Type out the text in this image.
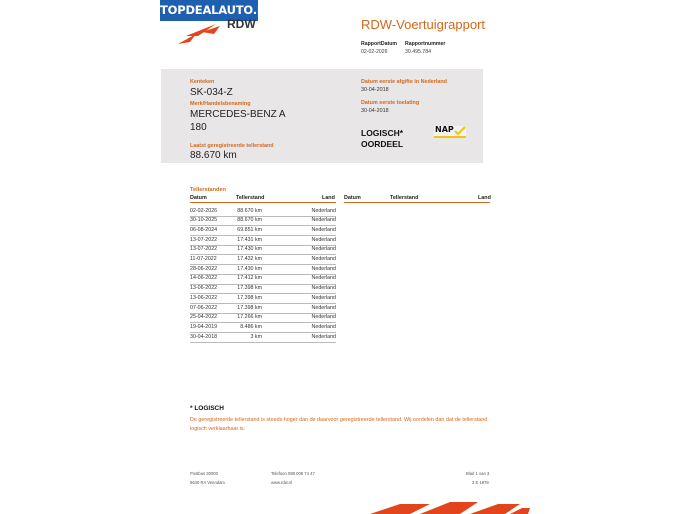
TOPDEALAUTO.NL
RDW	RDW-Voertuigrapport
RapportDatum
02-02-2026
Rapportnummer
30.495.784
Kenteken
SK-034-Z
Merk/Handelsbenaming
MERCEDES-BENZ A
180
Laatst geregistreerde tellerstand
88.670 km
Datum eerste afgifte in Nederland
30-04-2018
Datum eerste toelating
30-04-2018
LOGISCH*
OORDEEL
NAP
Tellerstanden
Datum	Tellerstand	Land Datum	Tellerstand	Land
02-02-2026	88.670 km	Nederland
30-10-2025	88.670 km	Nederland
06-08-2024	69.851 km	Nederland
13-07-2022	17.431 km	Nederland
13-07-2022	17.430 km	Nederland
11-07-2022	17.432 km	Nederland
28-06-2022	17.430 km	Nederland
14-06-2022	17.412 km	Nederland
13-06-2022	17.398 km	Nederland
13-06-2022	17.398 km	Nederland
07-06-2022	17.398 km	Nederland
25-04-2022	17.266 km	Nederland
19-04-2019	8.486 km	Nederland
30-04-2018	3 km	Nederland
* LOGISCH
De geregistreerde tellerstand is steeds hoger dan de daarvoor geregistreerde tellerstand. Wij oordelen dan dat de tellerstand logisch verklaarbaar is.
Postbus 30000
9640 RA Veendam
Telefoon 088 008 74 47
www.rdw.nl
Blad 1 van 3
3 E 1978
